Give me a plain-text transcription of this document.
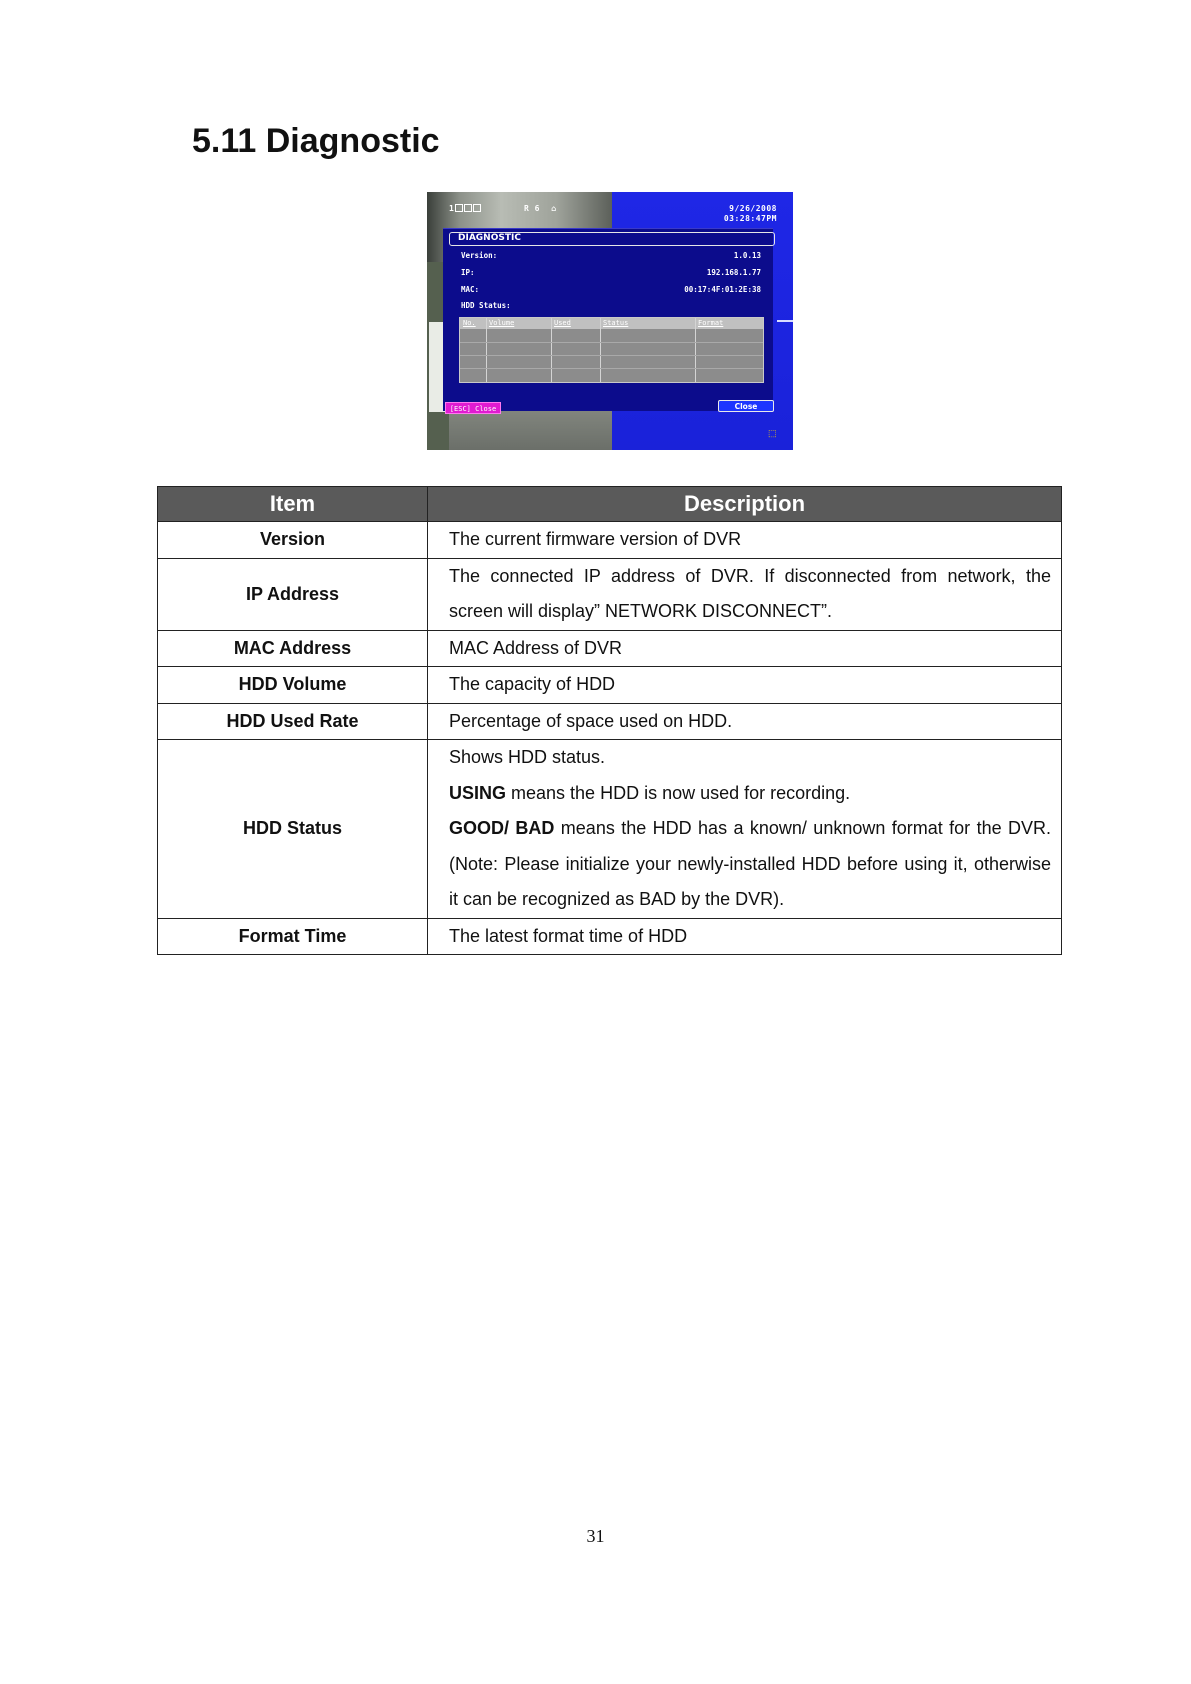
5.11 Diagnostic
1	R 6 ⌂	9/26/2008
03:28:47PM
DIAGNOSTIC
Version:	1.0.13
IP:	192.168.1.77
MAC:	00:17:4F:01:2E:38
HDD Status:
No. Volume	Used	Status	Format
[ESC] Close	Close
⬚
Item	Description
Version	The current firmware version of DVR
IP Address	The connected IP address of DVR. If disconnected from network, the screen will display” NETWORK DISCONNECT”.
MAC Address	MAC Address of DVR
HDD Volume	The capacity of HDD
HDD Used Rate	Percentage of space used on HDD.
HDD Status	Shows HDD status.
USING means the HDD is now used for recording.
GOOD/ BAD means the HDD has a known/ unknown format for the DVR. (Note: Please initialize your newly-installed HDD before using it, otherwise it can be recognized as BAD by the DVR).

Format Time	The latest format time of HDD
31
